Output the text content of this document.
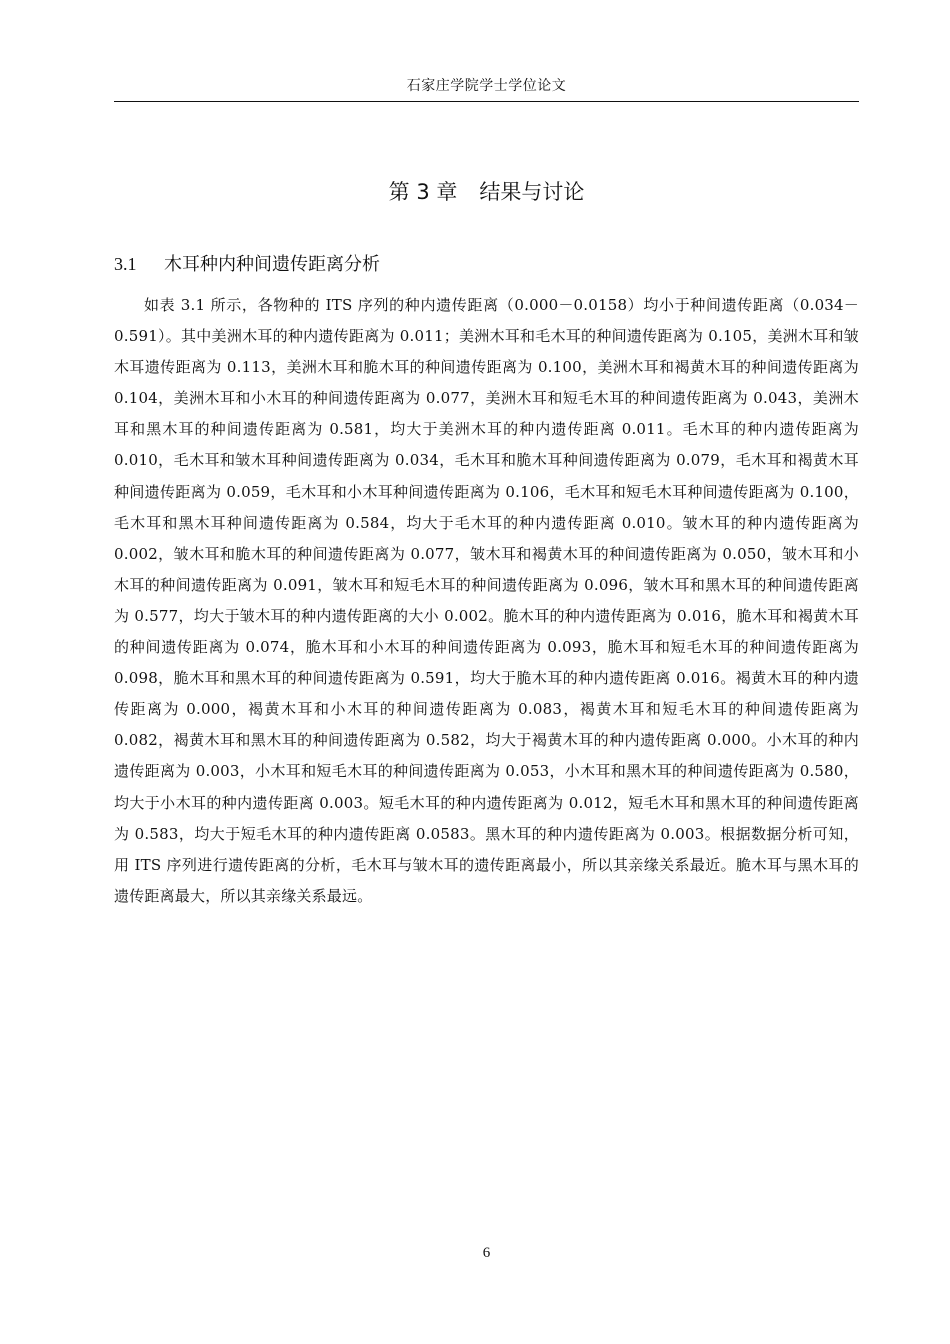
石家庄学院学士学位论文
第 3 章 结果与讨论
3.1 木耳种内种间遗传距离分析

如表 3.1 所示，各物种的 ITS 序列的种内遗传距离（0.000－0.0158）均小于种间遗传距离（0.034－0.591）。其中美洲木耳的种内遗传距离为 0.011；美洲木耳和毛木耳的种间遗传距离为 0.105，美洲木耳和皱木耳遗传距离为 0.113，美洲木耳和脆木耳的种间遗传距离为 0.100，美洲木耳和褐黄木耳的种间遗传距离为 0.104，美洲木耳和小木耳的种间遗传距离为 0.077，美洲木耳和短毛木耳的种间遗传距离为 0.043，美洲木耳和黑木耳的种间遗传距离为 0.581，均大于美洲木耳的种内遗传距离 0.011。毛木耳的种内遗传距离为 0.010，毛木耳和皱木耳种间遗传距离为 0.034，毛木耳和脆木耳种间遗传距离为 0.079，毛木耳和褐黄木耳种间遗传距离为 0.059，毛木耳和小木耳种间遗传距离为 0.106，毛木耳和短毛木耳种间遗传距离为 0.100，毛木耳和黑木耳种间遗传距离为 0.584，均大于毛木耳的种内遗传距离 0.010。皱木耳的种内遗传距离为 0.002，皱木耳和脆木耳的种间遗传距离为 0.077，皱木耳和褐黄木耳的种间遗传距离为 0.050，皱木耳和小木耳的种间遗传距离为 0.091，皱木耳和短毛木耳的种间遗传距离为 0.096，皱木耳和黑木耳的种间遗传距离为 0.577，均大于皱木耳的种内遗传距离的大小 0.002。脆木耳的种内遗传距离为 0.016，脆木耳和褐黄木耳的种间遗传距离为 0.074，脆木耳和小木耳的种间遗传距离为 0.093，脆木耳和短毛木耳的种间遗传距离为 0.098，脆木耳和黑木耳的种间遗传距离为 0.591，均大于脆木耳的种内遗传距离 0.016。褐黄木耳的种内遗传距离为 0.000，褐黄木耳和小木耳的种间遗传距离为 0.083，褐黄木耳和短毛木耳的种间遗传距离为 0.082，褐黄木耳和黑木耳的种间遗传距离为 0.582，均大于褐黄木耳的种内遗传距离 0.000。小木耳的种内遗传距离为 0.003，小木耳和短毛木耳的种间遗传距离为 0.053，小木耳和黑木耳的种间遗传距离为 0.580，均大于小木耳的种内遗传距离 0.003。短毛木耳的种内遗传距离为 0.012，短毛木耳和黑木耳的种间遗传距离为 0.583，均大于短毛木耳的种内遗传距离 0.0583。黑木耳的种内遗传距离为 0.003。根据数据分析可知，用 ITS 序列进行遗传距离的分析，毛木耳与皱木耳的遗传距离最小，所以其亲缘关系最近。脆木耳与黑木耳的遗传距离最大，所以其亲缘关系最远。

6
